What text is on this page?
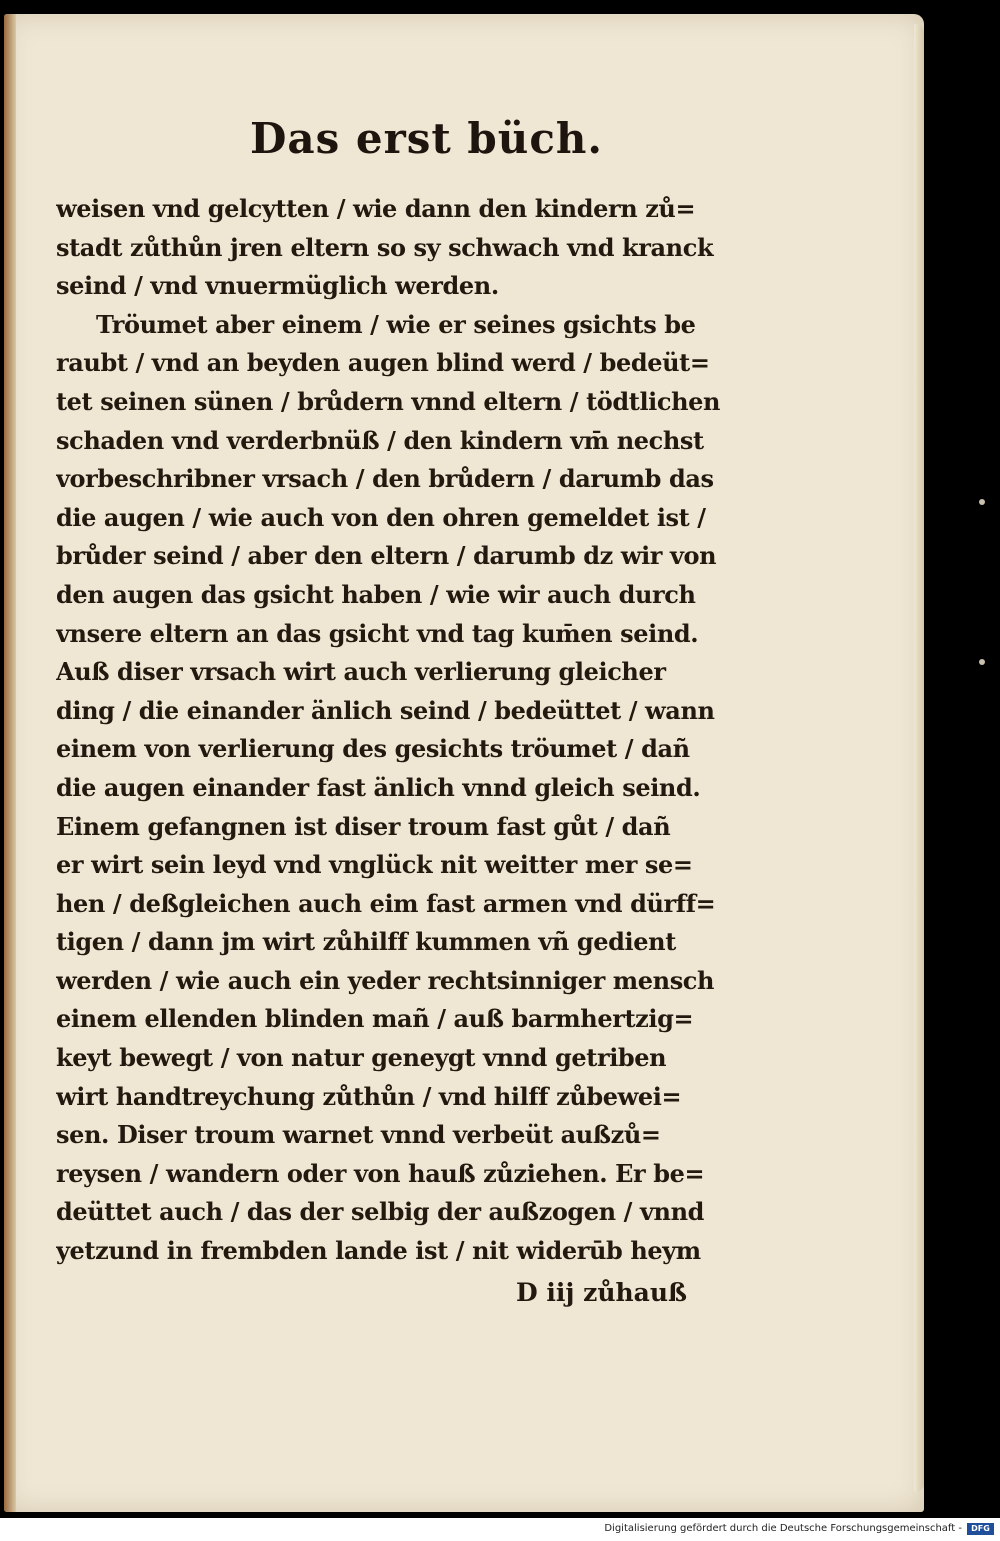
Das erst büch.
weisen vnd gelcytten / wie dann den kindern zů=
stadt zůthůn jren eltern so sy schwach vnd kranck
seind / vnd vnuermüglich werden.
Tröumet aber einem / wie er seines gsichts be
raubt / vnd an beyden augen blind werd / bedeüt=
tet seinen sünen / brůdern vnnd eltern / tödtlichen
schaden vnd verderbnüß / den kindern vm̄ nechst
vorbeschribner vrsach / den brůdern / darumb das
die augen / wie auch von den ohren gemeldet ist /
brůder seind / aber den eltern / darumb dz wir von
den augen das gsicht haben / wie wir auch durch
vnsere eltern an das gsicht vnd tag kum̄en seind.
Auß diser vrsach wirt auch verlierung gleicher
ding / die einander änlich seind / bedeüttet / wann
einem von verlierung des gesichts tröumet / dañ
die augen einander fast änlich vnnd gleich seind.
Einem gefangnen ist diser troum fast gůt / dañ
er wirt sein leyd vnd vnglück nit weitter mer se=
hen / deßgleichen auch eim fast armen vnd dürff=
tigen / dann jm wirt zůhilff kummen vñ gedient
werden / wie auch ein yeder rechtsinniger mensch
einem ellenden blinden mañ / auß barmhertzig=
keyt bewegt / von natur geneygt vnnd getriben
wirt handtreychung zůthůn / vnd hilff zůbewei=
sen. Diser troum warnet vnnd verbeüt außzů=
reysen / wandern oder von hauß zůziehen. Er be=
deüttet auch / das der selbig der außzogen / vnnd
yetzund in frembden lande ist / nit widerūb heym
D iij zůhauß
Digitalisierung gefördert durch die Deutsche Forschungsgemeinschaft -	DFG
